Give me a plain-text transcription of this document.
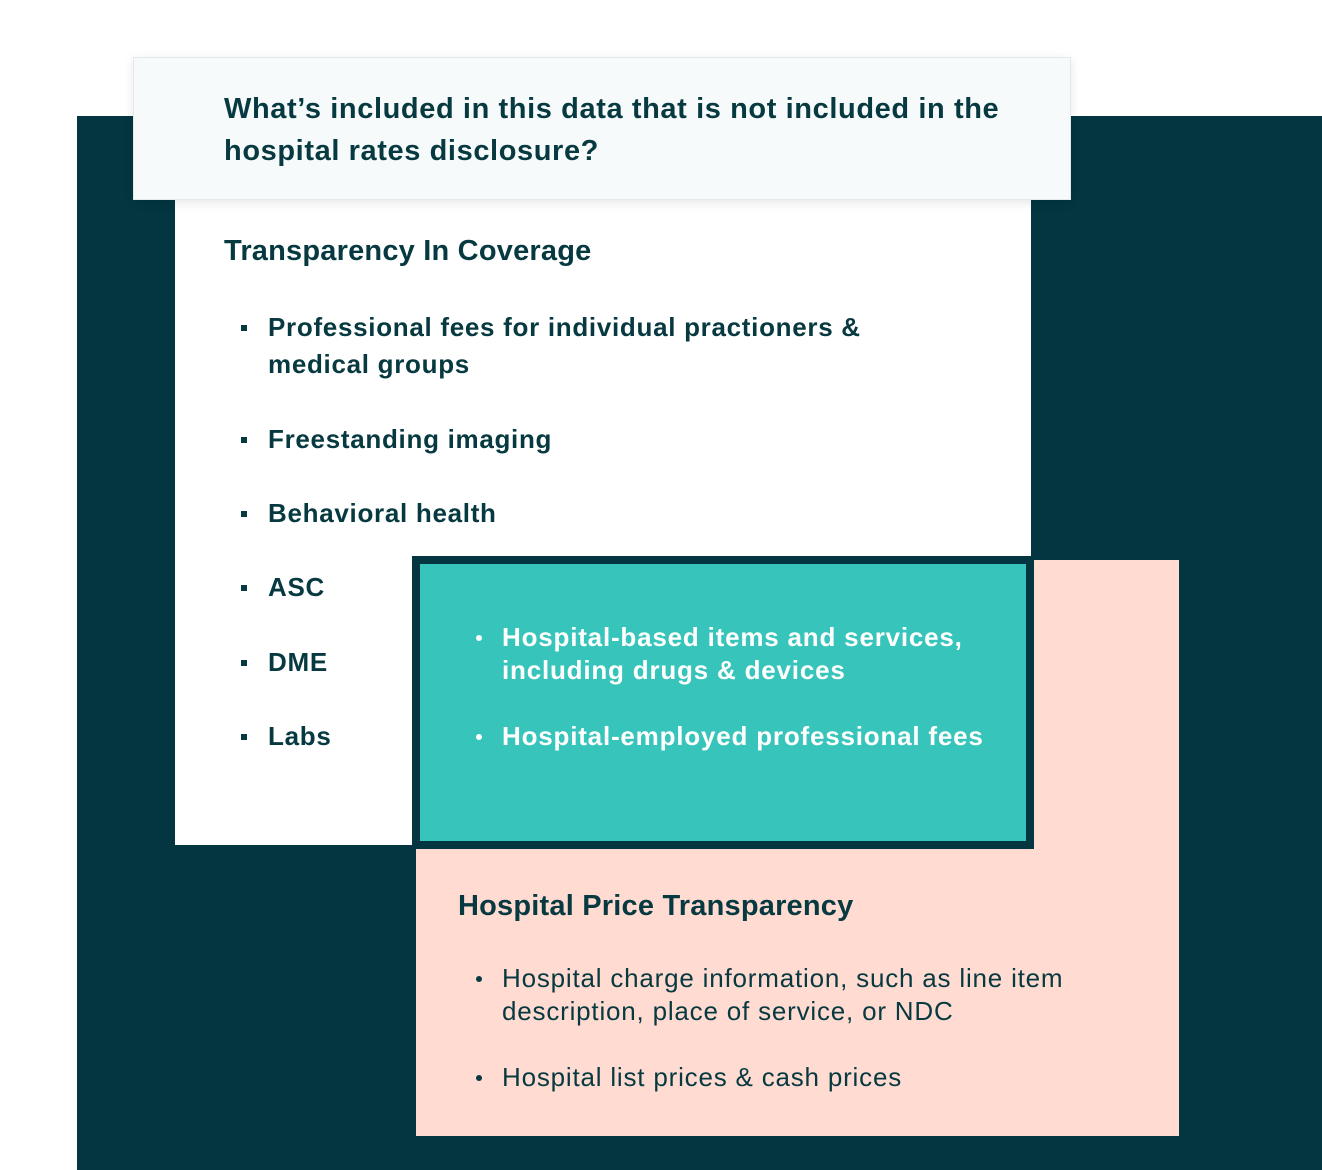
What’s included in this data that is not included in the hospital rates disclosure?

Transparency In Coverage
Professional fees for individual practioners & medical groups
Freestanding imaging
Behavioral health
ASC
DME
Labs
Hospital Price Transparency
Hospital charge information, such as line item description, place of service, or NDC
Hospital list prices & cash prices
Hospital-based items and services, including drugs & devices
Hospital-employed professional fees
